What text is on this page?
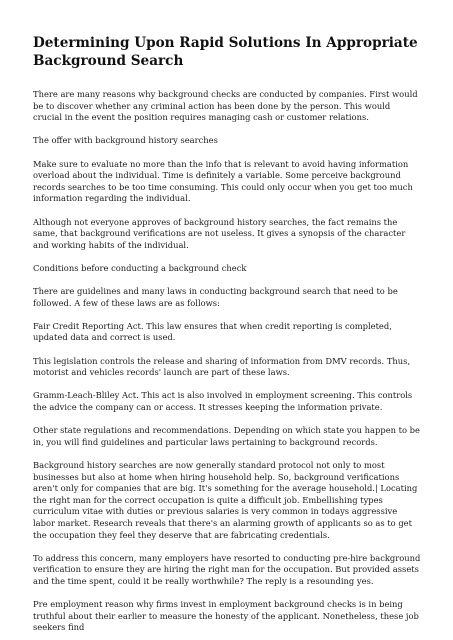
Determining Upon Rapid Solutions In Appropriate Background Search

There are many reasons why background checks are conducted by companies. First would be to discover whether any criminal action has been done by the person. This would crucial in the event the position requires managing cash or customer relations.

The offer with background history searches

Make sure to evaluate no more than the info that is relevant to avoid having information overload about the individual. Time is definitely a variable. Some perceive background records searches to be too time consuming. This could only occur when you get too much information regarding the individual.

Although not everyone approves of background history searches, the fact remains the same, that background verifications are not useless. It gives a synopsis of the character and working habits of the individual.

Conditions before conducting a background check

There are guidelines and many laws in conducting background search that need to be followed. A few of these laws are as follows:

Fair Credit Reporting Act. This law ensures that when credit reporting is completed, updated data and correct is used.

This legislation controls the release and sharing of information from DMV records. Thus, motorist and vehicles records' launch are part of these laws.

Gramm-Leach-Bliley Act. This act is also involved in employment screening. This controls the advice the company can or access. It stresses keeping the information private.

Other state regulations and recommendations. Depending on which state you happen to be in, you will find guidelines and particular laws pertaining to background records.

Background history searches are now generally standard protocol not only to most businesses but also at home when hiring household help. So, background verifications aren't only for companies that are big. It's something for the average household.| Locating the right man for the correct occupation is quite a difficult job. Embellishing types curriculum vitae with duties or previous salaries is very common in todays aggressive labor market. Research reveals that there's an alarming growth of applicants so as to get the occupation they feel they deserve that are fabricating credentials.

To address this concern, many employers have resorted to conducting pre-hire background verification to ensure they are hiring the right man for the occupation. But provided assets and the time spent, could it be really worthwhile? The reply is a resounding yes.

Pre employment reason why firms invest in employment background checks is in being truthful about their earlier to measure the honesty of the applicant. Nonetheless, these job seekers find
